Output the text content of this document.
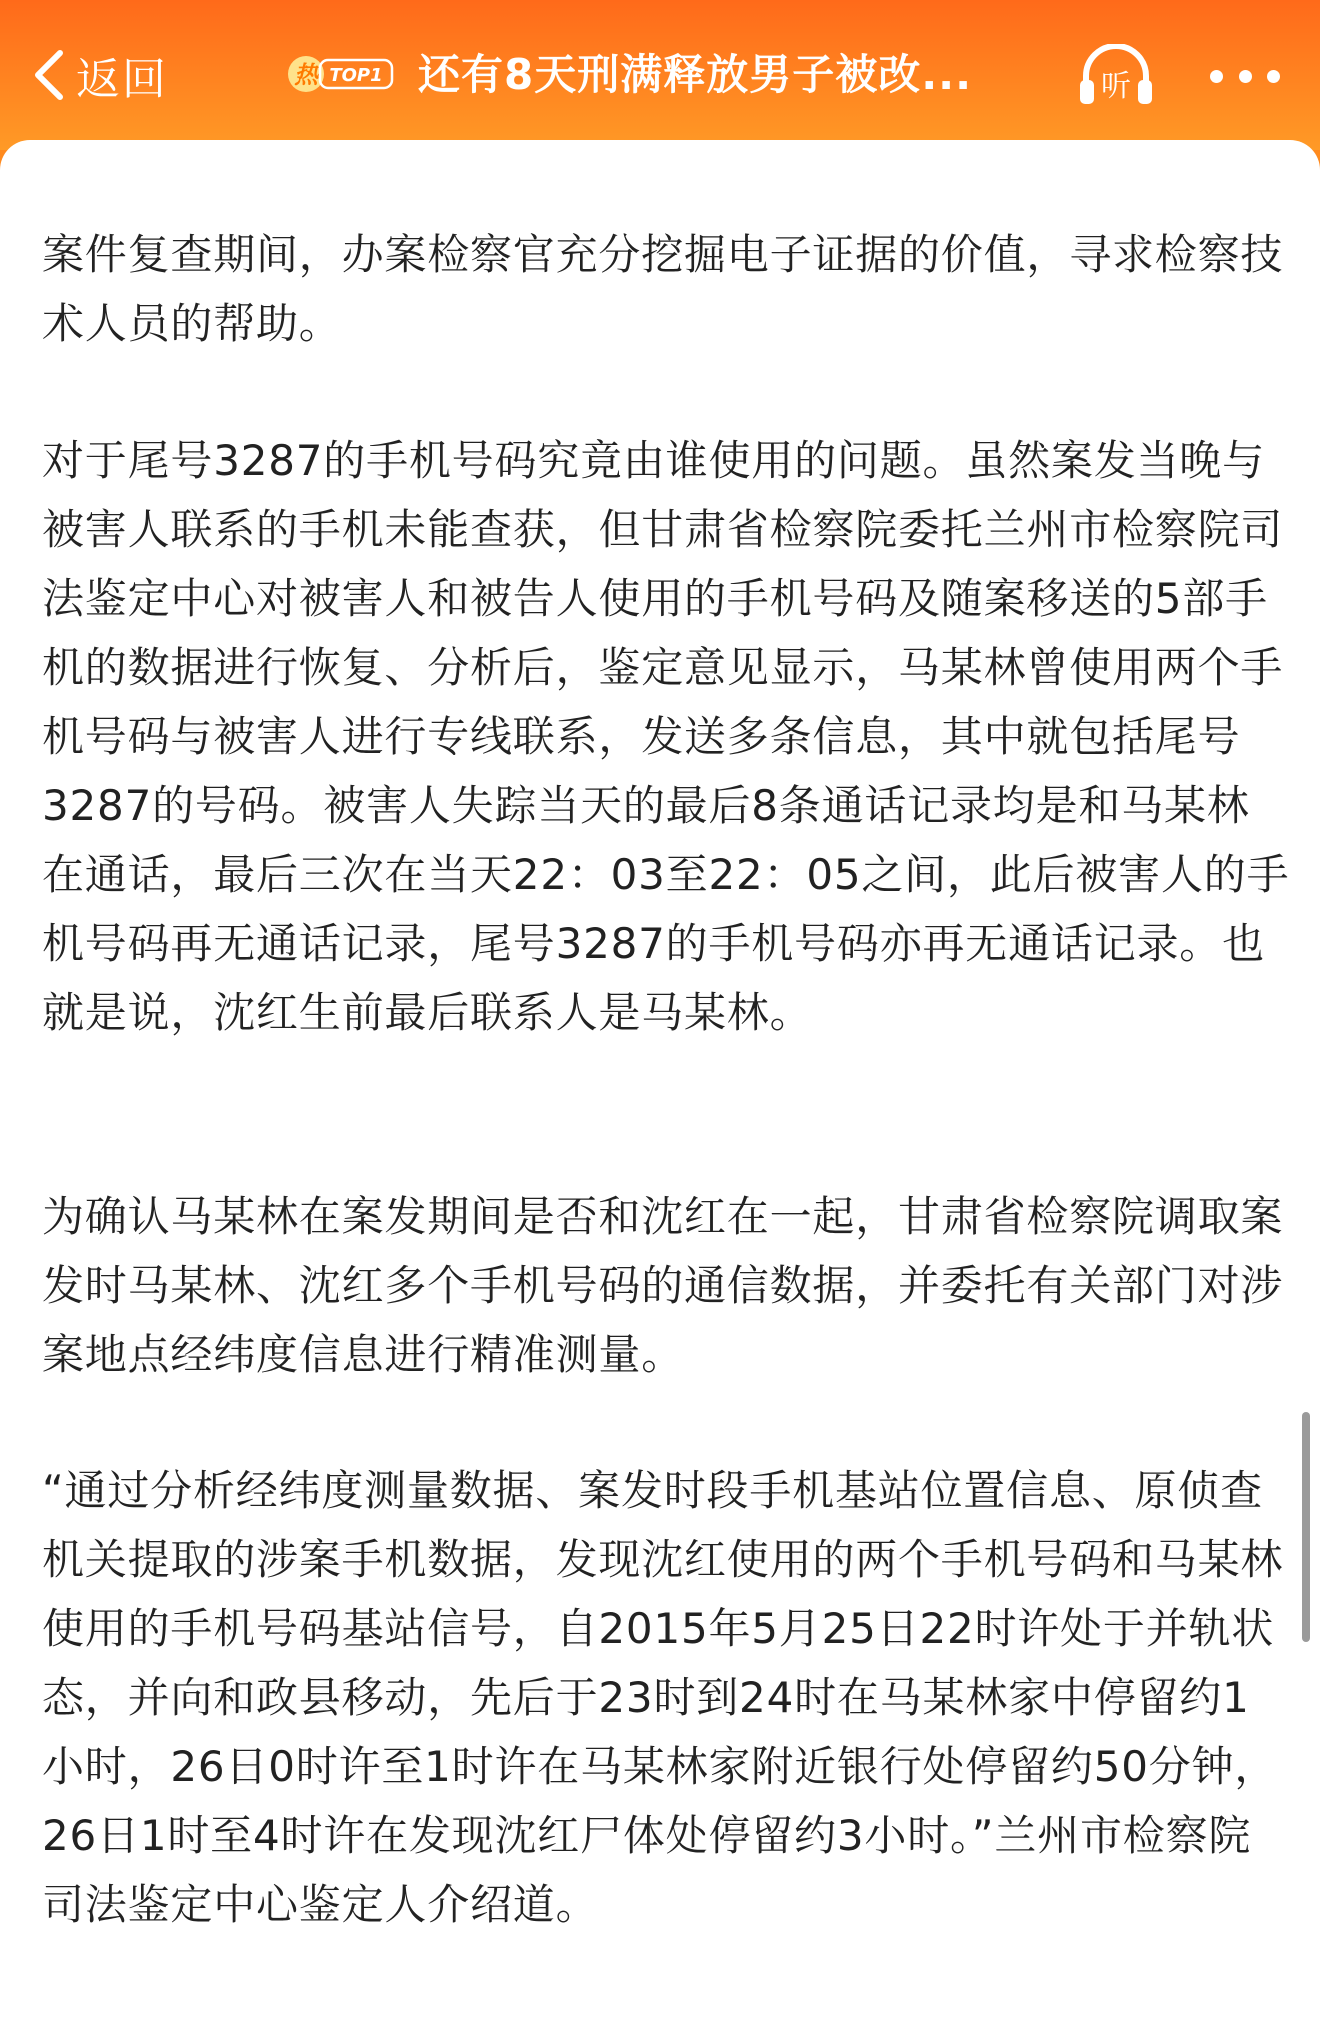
返回	热 TOP1 还有8天刑满释放男子被改...	听

案件复查期间，办案检察官充分挖掘电子证据的价值，寻求检察技术人员的帮助。

对于尾号3287的手机号码究竟由谁使用的问题。虽然案发当晚与被害人联系的手机未能查获，但甘肃省检察院委托兰州市检察院司法鉴定中心对被害人和被告人使用的手机号码及随案移送的5部手机的数据进行恢复、分析后，鉴定意见显示，马某林曾使用两个手机号码与被害人进行专线联系，发送多条信息，其中就包括尾号3287的号码。被害人失踪当天的最后8条通话记录均是和马某林在通话，最后三次在当天22：03至22：05之间，此后被害人的手机号码再无通话记录，尾号3287的手机号码亦再无通话记录。也就是说，沈红生前最后联系人是马某林。

为确认马某林在案发期间是否和沈红在一起，甘肃省检察院调取案发时马某林、沈红多个手机号码的通信数据，并委托有关部门对涉案地点经纬度信息进行精准测量。

“通过分析经纬度测量数据、案发时段手机基站位置信息、原侦查机关提取的涉案手机数据，发现沈红使用的两个手机号码和马某林使用的手机号码基站信号，自2015年5月25日22时许处于并轨状态，并向和政县移动，先后于23时到24时在马某林家中停留约1小时，26日0时许至1时许在马某林家附近银行处停留约50分钟，26日1时至4时许在发现沈红尸体处停留约3小时。”兰州市检察院司法鉴定中心鉴定人介绍道。
